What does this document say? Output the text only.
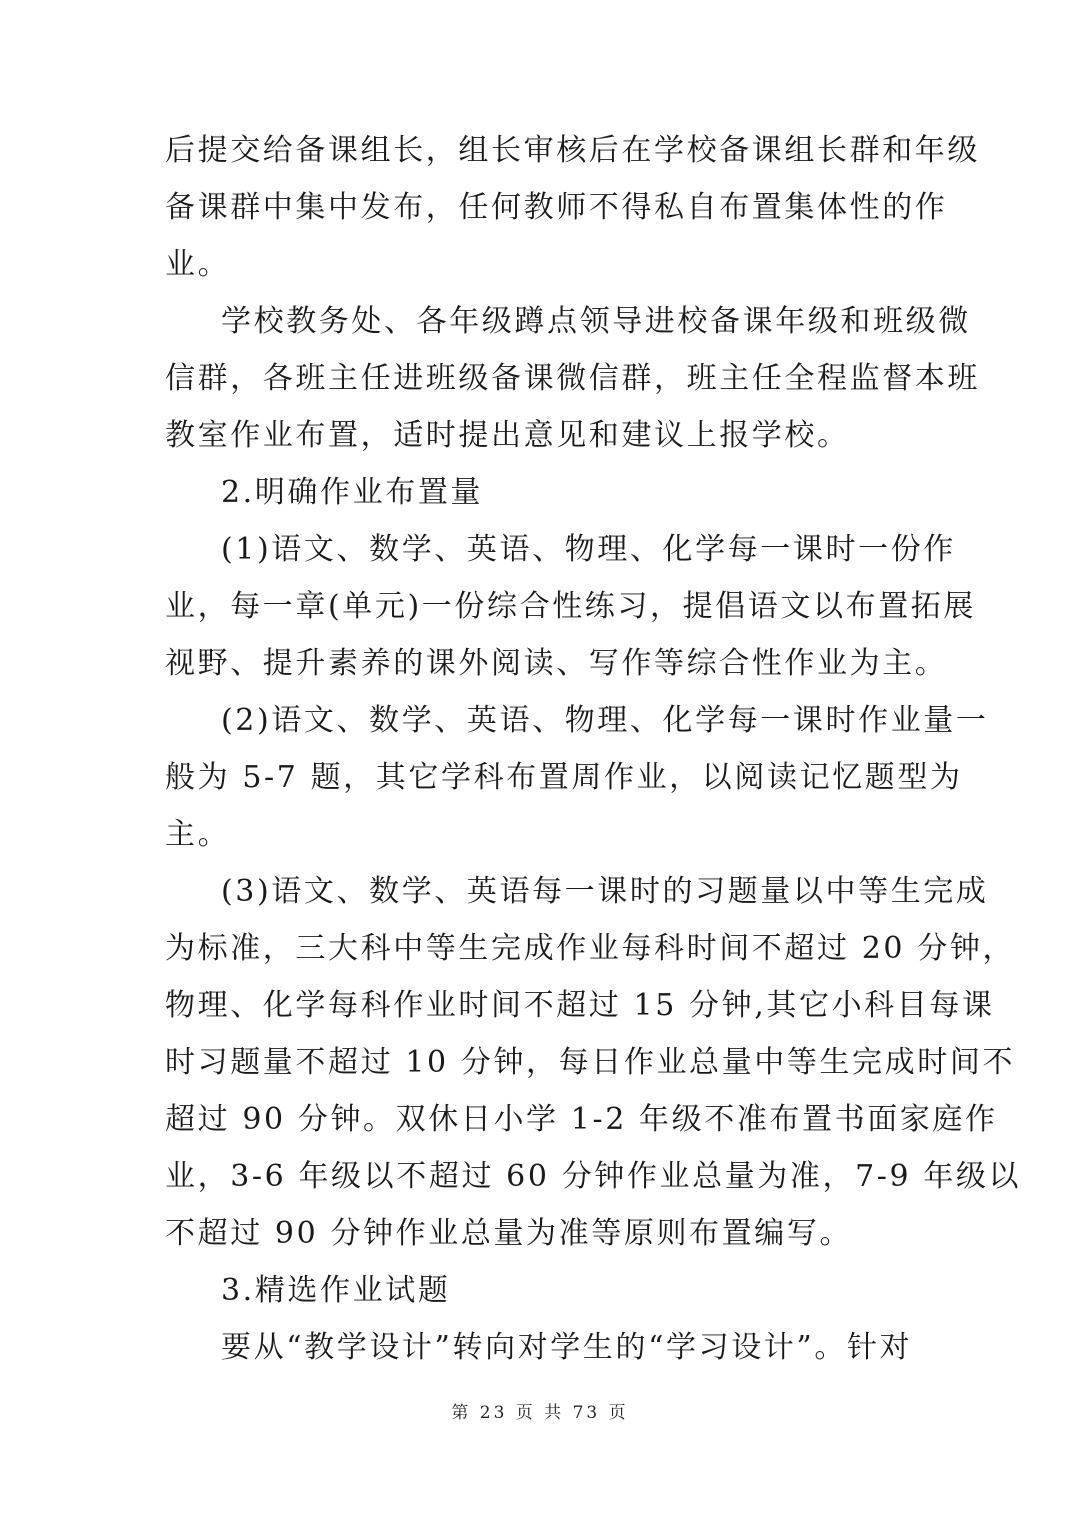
后提交给备课组长，组长审核后在学校备课组长群和年级
备课群中集中发布，任何教师不得私自布置集体性的作
业。
学校教务处、各年级蹲点领导进校备课年级和班级微
信群，各班主任进班级备课微信群，班主任全程监督本班
教室作业布置，适时提出意见和建议上报学校。
2.明确作业布置量
(1)语文、数学、英语、物理、化学每一课时一份作
业，每一章(单元)一份综合性练习，提倡语文以布置拓展
视野、提升素养的课外阅读、写作等综合性作业为主。
(2)语文、数学、英语、物理、化学每一课时作业量一
般为 5-7 题，其它学科布置周作业，以阅读记忆题型为
主。
(3)语文、数学、英语每一课时的习题量以中等生完成
为标准，三大科中等生完成作业每科时间不超过 20 分钟，
物理、化学每科作业时间不超过 15 分钟,其它小科目每课
时习题量不超过 10 分钟，每日作业总量中等生完成时间不
超过 90 分钟。双休日小学 1-2 年级不准布置书面家庭作
业，3-6 年级以不超过 60 分钟作业总量为准，7-9 年级以
不超过 90 分钟作业总量为准等原则布置编写。
3.精选作业试题
要从“教学设计”转向对学生的“学习设计”。针对
第 23 页 共 73 页
